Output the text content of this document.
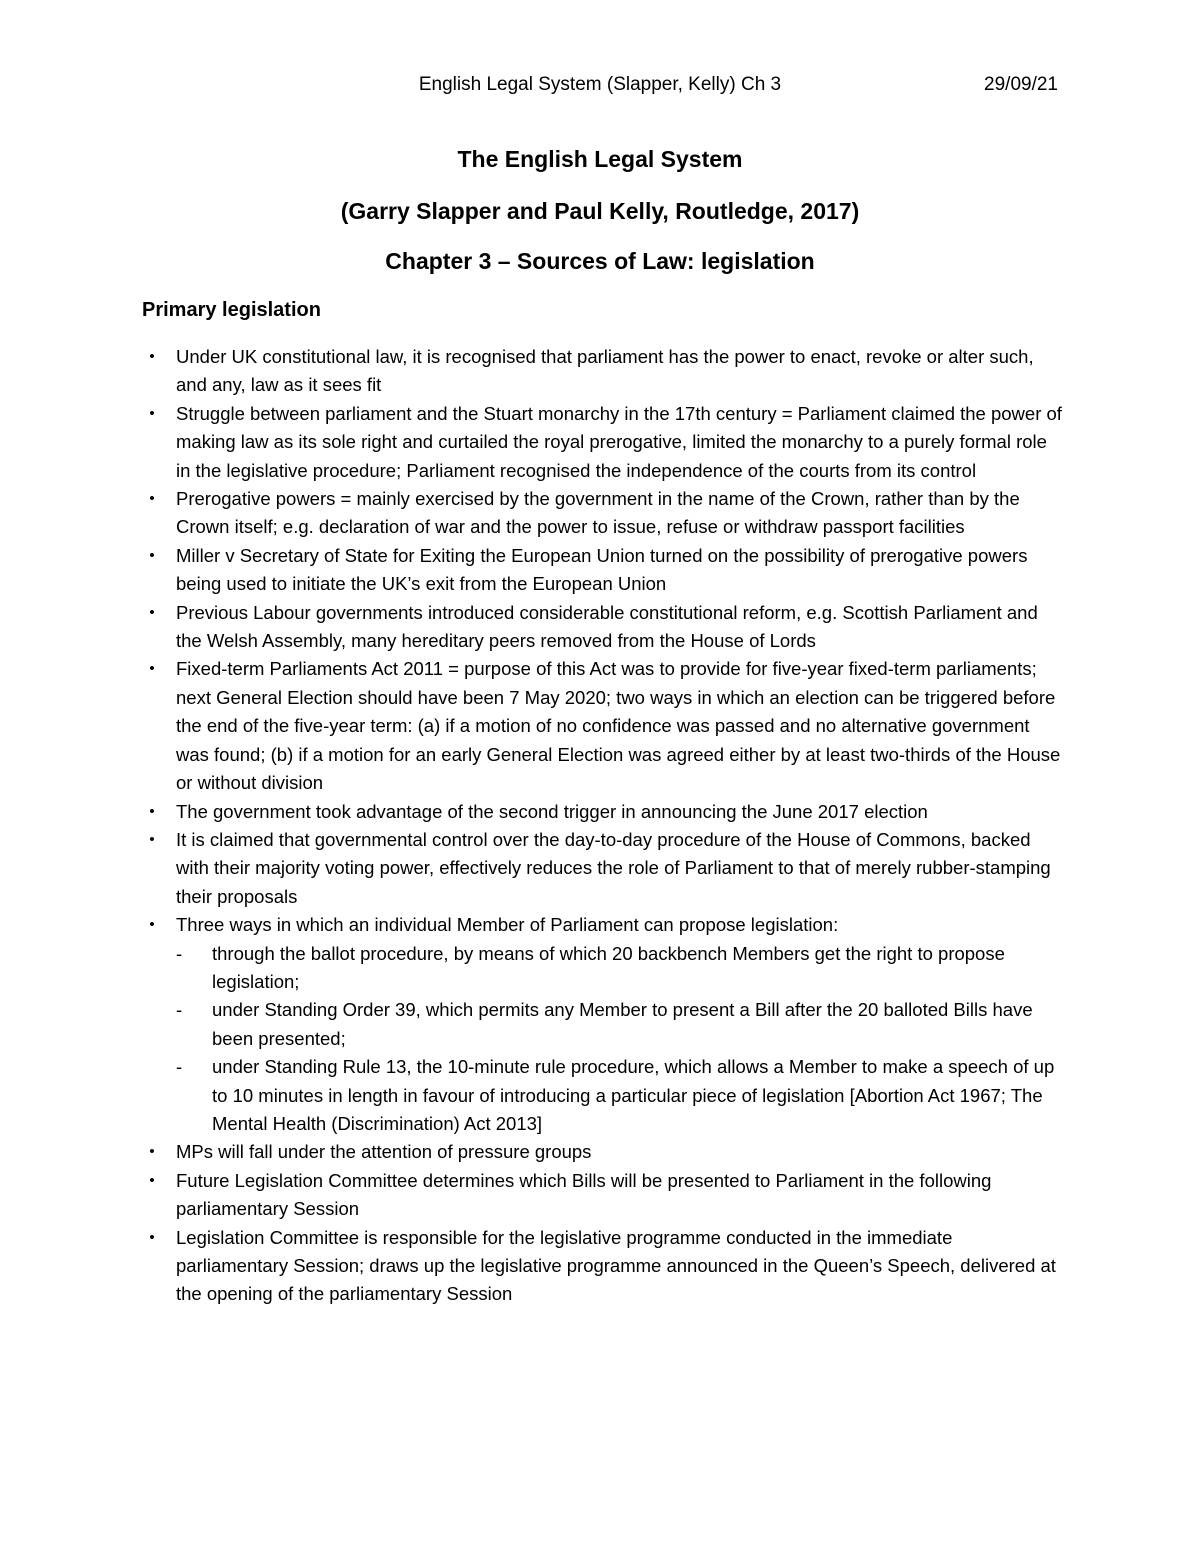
English Legal System (Slapper, Kelly) Ch 3	29/09/21
The English Legal System
(Garry Slapper and Paul Kelly, Routledge, 2017)
Chapter 3 – Sources of Law: legislation
Primary legislation
•	Under UK constitutional law, it is recognised that parliament has the power to enact, revoke or alter such, and any, law as it sees fit
•	Struggle between parliament and the Stuart monarchy in the 17th century = Parliament claimed the power of making law as its sole right and curtailed the royal prerogative, limited the monarchy to a purely formal role in the legislative procedure; Parliament recognised the independence of the courts from its control
•	Prerogative powers = mainly exercised by the government in the name of the Crown, rather than by the Crown itself; e.g. declaration of war and the power to issue, refuse or withdraw passport facilities
•	Miller v Secretary of State for Exiting the European Union turned on the possibility of prerogative powers being used to initiate the UK’s exit from the European Union
•	Previous Labour governments introduced considerable constitutional reform, e.g. Scottish Parliament and the Welsh Assembly, many hereditary peers removed from the House of Lords
•	Fixed-term Parliaments Act 2011 = purpose of this Act was to provide for five-year fixed-term parliaments; next General Election should have been 7 May 2020; two ways in which an election can be triggered before the end of the five-year term: (a) if a motion of no confidence was passed and no alternative government was found; (b) if a motion for an early General Election was agreed either by at least two-thirds of the House or without division
•	The government took advantage of the second trigger in announcing the June 2017 election
•	It is claimed that governmental control over the day-to-day procedure of the House of Commons, backed with their majority voting power, effectively reduces the role of Parliament to that of merely rubber-stamping their proposals
•	Three ways in which an individual Member of Parliament can propose legislation:
-	through the ballot procedure, by means of which 20 backbench Members get the right to propose legislation;
-	under Standing Order 39, which permits any Member to present a Bill after the 20 balloted Bills have been presented;
-	under Standing Rule 13, the 10-minute rule procedure, which allows a Member to make a speech of up to 10 minutes in length in favour of introducing a particular piece of legislation [Abortion Act 1967; The Mental Health (Discrimination) Act 2013]
•	MPs will fall under the attention of pressure groups
•	Future Legislation Committee determines which Bills will be presented to Parliament in the following parliamentary Session
•	Legislation Committee is responsible for the legislative programme conducted in the immediate parliamentary Session; draws up the legislative programme announced in the Queen’s Speech, delivered at the opening of the parliamentary Session
